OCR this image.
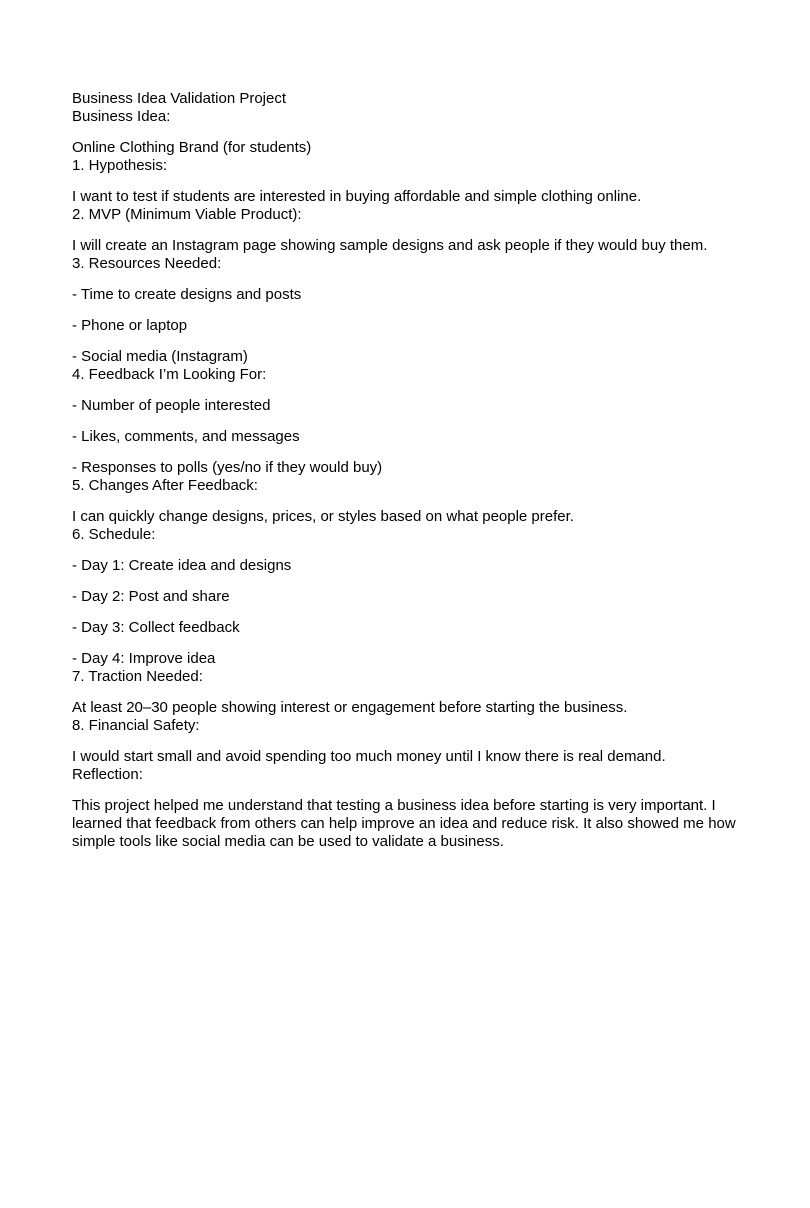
Business Idea Validation Project

Business Idea:

Online Clothing Brand (for students)

1. Hypothesis:

I want to test if students are interested in buying affordable and simple clothing online.

2. MVP (Minimum Viable Product):

I will create an Instagram page showing sample designs and ask people if they would buy them.

3. Resources Needed:

- Time to create designs and posts

- Phone or laptop

- Social media (Instagram)

4. Feedback I’m Looking For:

- Number of people interested

- Likes, comments, and messages

- Responses to polls (yes/no if they would buy)

5. Changes After Feedback:

I can quickly change designs, prices, or styles based on what people prefer.

6. Schedule:

- Day 1: Create idea and designs

- Day 2: Post and share

- Day 3: Collect feedback

- Day 4: Improve idea

7. Traction Needed:

At least 20–30 people showing interest or engagement before starting the business.

8. Financial Safety:

I would start small and avoid spending too much money until I know there is real demand.

Reflection:

This project helped me understand that testing a business idea before starting is very important. I learned that feedback from others can help improve an idea and reduce risk. It also showed me how simple tools like social media can be used to validate a business.
